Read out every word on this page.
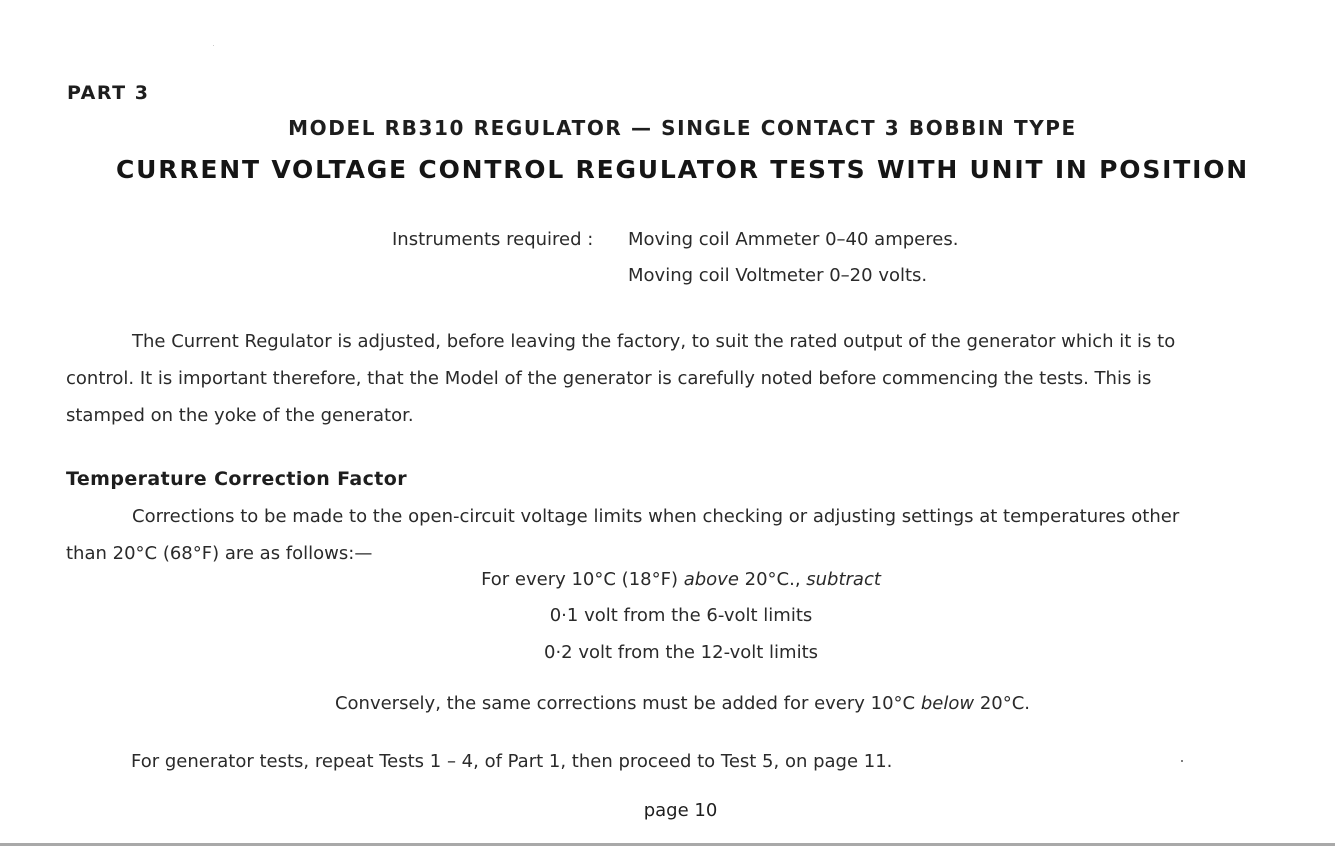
PART 3
MODEL RB310 REGULATOR — SINGLE CONTACT 3 BOBBIN TYPE
CURRENT VOLTAGE CONTROL REGULATOR TESTS WITH UNIT IN POSITION
Instruments required : Moving coil Ammeter 0–40 amperes.
Moving coil Voltmeter 0–20 volts.
The Current Regulator is adjusted, before leaving the factory, to suit the rated output of the generator which it is to
control. It is important therefore, that the Model of the generator is carefully noted before commencing the tests. This is
stamped on the yoke of the generator.
Temperature Correction Factor
Corrections to be made to the open-circuit voltage limits when checking or adjusting settings at temperatures other
than 20°C (68°F) are as follows:—
For every 10°C (18°F) above 20°C., subtract
0·1 volt from the 6-volt limits
0·2 volt from the 12-volt limits
Conversely, the same corrections must be added for every 10°C below 20°C.
For generator tests, repeat Tests 1 – 4, of Part 1, then proceed to Test 5, on page 11.
page 10
